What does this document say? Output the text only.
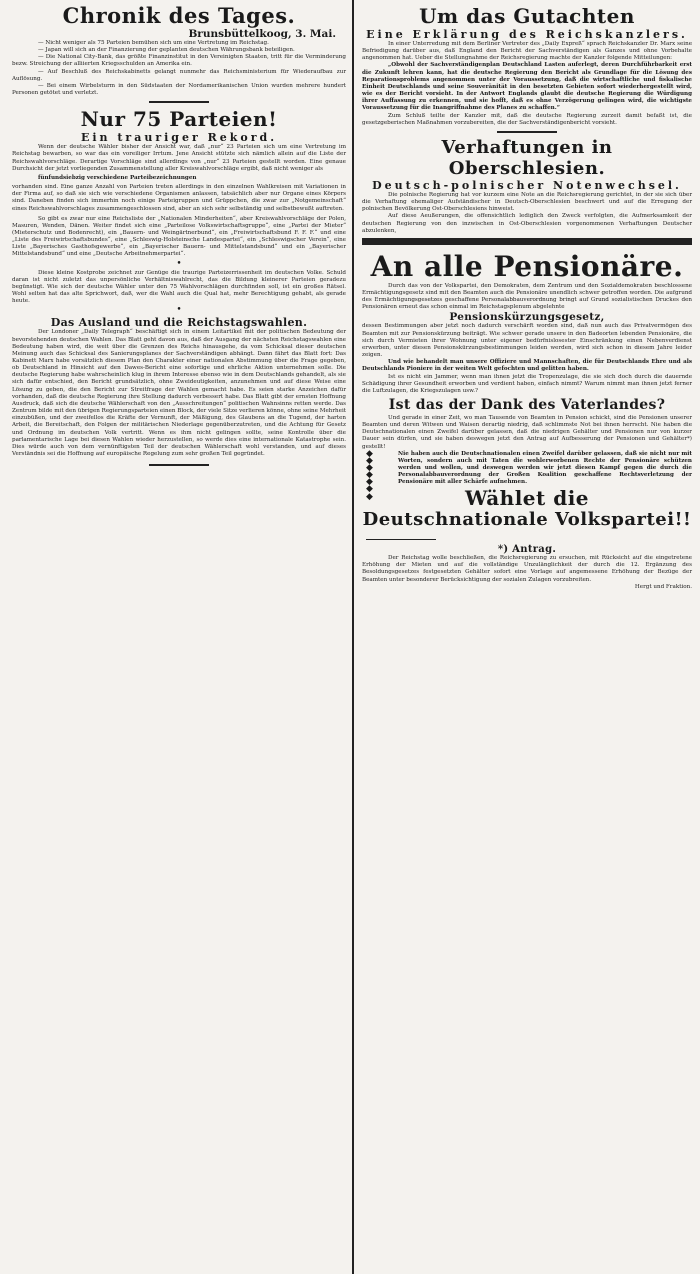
Chronik des Tages.

Brunsbüttelkoog, 3. Mai.

— Nicht weniger als 75 Parteien bemühen sich um eine Vertretung im Reichstag.

— Japan will sich an der Finanzierung der geplanten deutschen Währungsbank beteiligen.

— Die National City-Bank, das größte Finanzinstitut in den Vereinigten Staaten, tritt für die Verminderung bezw. Streichung der alliierten Kriegsschulden an Amerika ein.

— Auf Beschluß des Reichskabinetts gelangt nunmehr das Reichsministerium für Wiederaufbau zur Auflösung.

— Bei einem Wirbelsturm in den Südstaaten der Nordamerikanischen Union wurden mehrere hundert Personen getötet und verletzt.

Nur 75 Parteien!

Ein trauriger Rekord.

Wenn der deutsche Wähler bisher der Ansicht war, daß „nur“ 23 Parteien sich um eine Vertretung im Reichstag bewarben, so war das ein voreiliger Irrtum. Jene Ansicht stützte sich nämlich allein auf die Liste der Reichswahlvorschläge. Derartige Vorschläge sind allerdings von „nur“ 23 Parteien gestellt worden. Eine genaue Durchsicht der jetzt vorliegenden Zusammenstellung aller Kreiswahlvorschläge ergibt, daß nicht weniger als

fünfundsiebzig verschiedene Parteibezeichnungen

vorhanden sind. Eine ganze Anzahl von Parteien treten allerdings in den einzelnen Wahlkreisen mit Variationen in der Firma auf, so daß sie sich wie verschiedene Organismen anlassen, tatsächlich aber nur Organe eines Körpers sind. Daneben finden sich immerhin noch einige Parteigruppen und Grüppchen, die zwar zur „Notgemeinschaft“ eines Reichswahlvorschlages zusammengeschlossen sind, aber an sich sehr selbständig und selbstbewußt auftreten.

So gibt es zwar nur eine Reichsliste der „Nationalen Minderheiten“, aber Kreiswahlvorschläge der Polen, Masuren, Wenden, Dänen. Weiter findet sich eine „Parteilose Volkswirtschaftsgruppe“, eine „Partei der Mieter“ (Mieterschutz und Bodenrecht), ein „Bauern- und Weingärtnerbund“, ein „Freiwirtschaftsbund F. F. F.“ und eine „Liste des Freiwirtschaftsbundes“, eine „Schleswig-Holsteinsche Landespartei“, ein „Schleswigscher Verein“, eine Liste „Bayerisches Gasthofsgewerbe“, ein „Bayerischer Bauern- und Mittelstandsbund“ und ein „Bayerischer Mittelstandsbund“ und eine „Deutsche Arbeitnehmerpartei“.

•

Diese kleine Kostprobe zeichnet zur Genüge die traurige Parteizerrissenheit im deutschen Volke. Schuld daran ist nicht zuletzt das unpersönliche Verhältniswahlrecht, das die Bildung kleinerer Parteien geradezu begünstigt. Wie sich der deutsche Wähler unter den 75 Wahlvorschlägen durchfinden soll, ist ein großes Rätsel. Wohl selten hat das alte Sprichwort, daß, wer die Wahl auch die Qual hat, mehr Berechtigung gehabt, als gerade heute.

•

Das Ausland und die Reichstagswahlen.

Der Londoner „Daily Telegraph“ beschäftigt sich in einem Leitartikel mit der politischen Bedeutung der bevorstehenden deutschen Wahlen. Das Blatt geht davon aus, daß der Ausgang der nächsten Reichstagswahlen eine Bedeutung haben wird, die weit über die Grenzen des Reichs hinausgehe, da vom Schicksal dieser deutschen Meinung auch das Schicksal des Sanierungsplanes der Sachverständigen abhängt. Dann fährt das Blatt fort: Das Kabinett Marx habe vorsätzlich diesem Plan den Charakter einer nationalen Abstimmung über die Frage gegeben, ob Deutschland in Hinsicht auf den Dawes-Bericht eine sofortige und ehrliche Aktion unternehmen solle. Die deutsche Regierung habe wahrscheinlich klug in ihrem Interesse ebenso wie in dem Deutschlands gehandelt, als sie sich dafür entschied, den Bericht grundsätzlich, ohne Zweideutigkeiten, anzunehmen und auf diese Weise eine Lösung zu geben, die den Bericht zur Streitfrage der Wahlen gemacht habe. Es seien starke Anzeichen dafür vorhanden, daß die deutsche Regierung ihre Stellung dadurch verbessert habe. Das Blatt gibt der ernsten Hoffnung Ausdruck, daß sich die deutsche Wählerschaft von den „Ausschreitungen“ politischen Wahnsinns retten werde. Das Zentrum bilde mit den übrigen Regierungsparteien einen Block, der viele Sitze verlieren könne, ohne seine Mehrheit einzubüßen, und der zweifellos die Kräfte der Vernunft, der Mäßigung, des Glaubens an die Tugend, der harten Arbeit, die Bereitschaft, den Folgen der militärischen Niederlage gegenüberzutreten, und die Achtung für Gesetz und Ordnung im deutschen Volk vertritt. Wenn es ihm nicht gelingen sollte, seine Kontrolle über die parlamentarische Lage bei diesen Wahlen wieder herzustellen, so werde dies eine internationale Katastrophe sein. Dies würde auch von dem vernünftigsten Teil der deutschen Wählerschaft wohl verstanden, und auf dieses Verständnis sei die Hoffnung auf europäische Regelung zum sehr großen Teil gegründet.

Um das Gutachten

Eine Erklärung des Reichskanzlers.

In einer Unterredung mit dem Berliner Vertreter des „Daily Expreß“ sprach Reichskanzler Dr. Marx seine Befriedigung darüber aus, daß England den Bericht der Sachverständigen als Ganzes und ohne Vorbehalte angenommen hat. Ueber die Stellungnahme der Reichsregierung machte der Kanzler folgende Mitteilungen:

„Obwohl der Sachverständigenplan Deutschland Lasten auferlegt, deren Durchführbarkeit erst die Zukunft lehren kann, hat die deutsche Regierung den Bericht als Grundlage für die Lösung des Reparationsproblems angenommen unter der Voraussetzung, daß die wirtschaftliche und fiskalische Einheit Deutschlands und seine Souveränität in den besetzten Gebieten sofort wiederhergestellt wird, wie es der Bericht vorsieht. In der Antwort Englands glaubt die deutsche Regierung die Würdigung ihrer Auffassung zu erkennen, und sie hofft, daß es ohne Verzögerung gelingen wird, die wichtigste Voraussetzung für die Inangriffnahme des Planes zu schaffen.“

Zum Schluß teilte der Kanzler mit, daß die deutsche Regierung zurzeit damit befaßt ist, die gesetzgeberischen Maßnahmen vorzubereiten, die der Sachverständigenbericht vorsieht.

Verhaftungen in Oberschlesien.

Deutsch-polnischer Notenwechsel.

Die polnische Regierung hat vor kurzem eine Note an die Reichsregierung gerichtet, in der sie sich über die Verhaftung ehemaliger Aufständischer in Deutsch-Oberschlesien beschwert und auf die Erregung der polnischen Bevölkerung Ost-Oberschlesiens hinweist.

Auf diese Aeußerungen, die offensichtlich lediglich den Zweck verfolgten, die Aufmerksamkeit der deutschen Regierung von den inzwischen in Ost-Oberschlesien vorgenommenen Verhaftungen Deutscher abzulenken,

An alle Pensionäre.

Durch das von der Volkspartei, den Demokraten, dem Zentrum und den Sozialdemokraten beschlossene Ermächtigungsgesetz sind mit den Beamten auch die Pensionäre unendlich schwer getroffen worden. Die aufgrund des Ermächtigungsgesetzes geschaffene Personalabbauverordnung bringt auf Grund sozialistischen Druckes den Pensionären erneut das schon einmal im Reichstagsplenum abgelehnte

Pensionskürzungsgesetz,

dessen Bestimmungen aber jetzt noch dadurch verschärft worden sind, daß nun auch das Privatvermögen des Beamten mit zur Pensionskürzung beiträgt. Wie schwer gerade unsere in den Badeorten lebenden Pensionäre, die sich durch Vermieten ihrer Wohnung unter eigener bedürfnislosester Einschränkung einen Nebenverdienst erwerben, unter diesen Pensionskürzungsbestimmungen leiden werden, wird sich schon in diesem Jahre leider zeigen.

Und wie behandelt man unsere Offiziere und Mannschaften, die für Deutschlands Ehre und als Deutschlands Pioniere in der weiten Welt gefochten und gelitten haben.

Ist es nicht ein Jammer, wenn man ihnen jetzt die Tropenzulage, die sie sich doch durch die dauernde Schädigung ihrer Gesundheit erworben und verdient haben, einfach nimmt? Warum nimmt man ihnen jetzt ferner die Luftzulagen, die Kriegszulagen usw.?

Ist das der Dank des Vaterlandes?

Und gerade in einer Zeit, wo man Tausende von Beamten in Pension schickt, sind die Pensionen unserer Beamten und deren Witwen und Waisen derartig niedrig, daß schlimmste Not bei ihnen herrscht. Nie haben die Deutschnationalen einen Zweifel darüber gelassen, daß die niedrigen Gehälter und Pensionen nur von kurzer Dauer sein dürfen, und sie haben deswegen jetzt den Antrag auf Aufbesserung der Pensionen und Gehälter*) gestellt!

◆
◆
◆
◆
◆
◆
◆

Nie haben auch die Deutschnationalen einen Zweifel darüber gelassen, daß sie nicht nur mit Worten, sondern auch mit Taten die wohlerworbenen Rechte der Pensionäre schützen werden und wollen, und deswegen werden wir jetzt diesen Kampf gegen die durch die Personalabbauverordnung der Großen Koalition geschaffene Rechtsverletzung der Pensionäre mit aller Schärfe aufnehmen.

Wählet die

Deutschnationale Volkspartei!!

*) Antrag.

Der Reichstag wolle beschließen, die Reichsregierung zu ersuchen, mit Rücksicht auf die eingetretene Erhöhung der Mieten und auf die vollständige Unzulänglichkeit der durch die 12. Ergänzung des Besoldungsgesetzes festgesetzten Gehälter sofort eine Vorlage auf angemessene Erhöhung der Bezüge der Beamten unter besonderer Berücksichtigung der sozialen Zulagen vorzubreiten.

Hergt und Fraktion.
